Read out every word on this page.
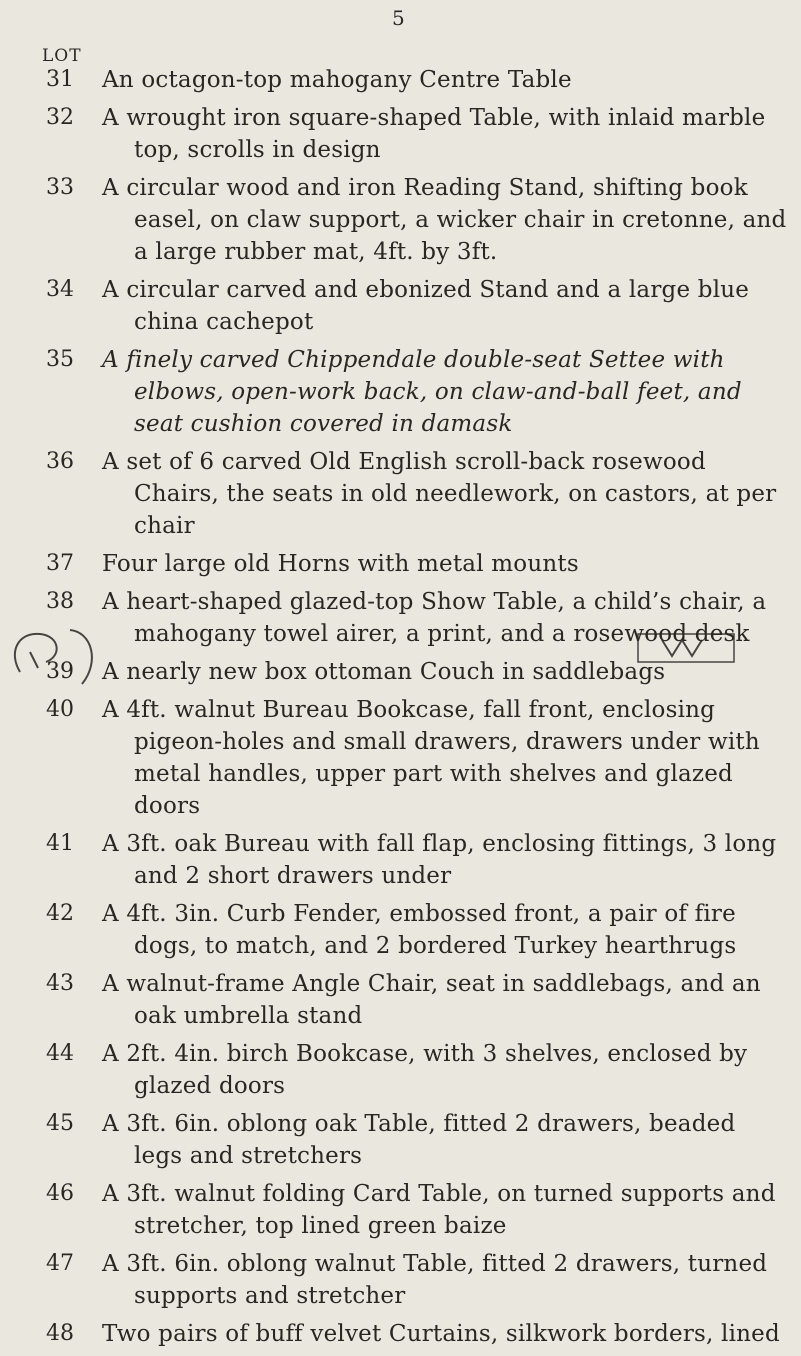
5
LOT
31	An octagon-top mahogany Centre Table
32	A wrought iron square-shaped Table, with inlaid marble top, scrolls in design
33	A circular wood and iron Reading Stand, shifting book easel, on claw support, a wicker chair in cretonne, and a large rubber mat, 4ft. by 3ft.
34	A circular carved and ebonized Stand and a large blue china cachepot
35	A finely carved Chippendale double-seat Settee with elbows, open-work back, on claw-and-ball feet, and seat cushion covered in damask
36	A set of 6 carved Old English scroll-back rosewood Chairs, the seats in old needlework, on castors, at per chair
37	Four large old Horns with metal mounts
38	A heart-shaped glazed-top Show Table, a child’s chair, a mahogany towel airer, a print, and a rosewood desk
39	A nearly new box ottoman Couch in saddlebags
40	A 4ft. walnut Bureau Bookcase, fall front, enclosing pigeon-holes and small drawers, drawers under with metal handles, upper part with shelves and glazed doors
41	A 3ft. oak Bureau with fall flap, enclosing fittings, 3 long and 2 short drawers under
42	A 4ft. 3in. Curb Fender, embossed front, a pair of fire dogs, to match, and 2 bordered Turkey hearthrugs
43	A walnut-frame Angle Chair, seat in saddlebags, and an oak umbrella stand
44	A 2ft. 4in. birch Bookcase, with 3 shelves, enclosed by glazed doors
45	A 3ft. 6in. oblong oak Table, fitted 2 drawers, beaded legs and stretchers
46	A 3ft. walnut folding Card Table, on turned supports and stretcher, top lined green baize
47	A 3ft. 6in. oblong walnut Table, fitted 2 drawers, turned supports and stretcher
48	Two pairs of buff velvet Curtains, silkwork borders, lined
